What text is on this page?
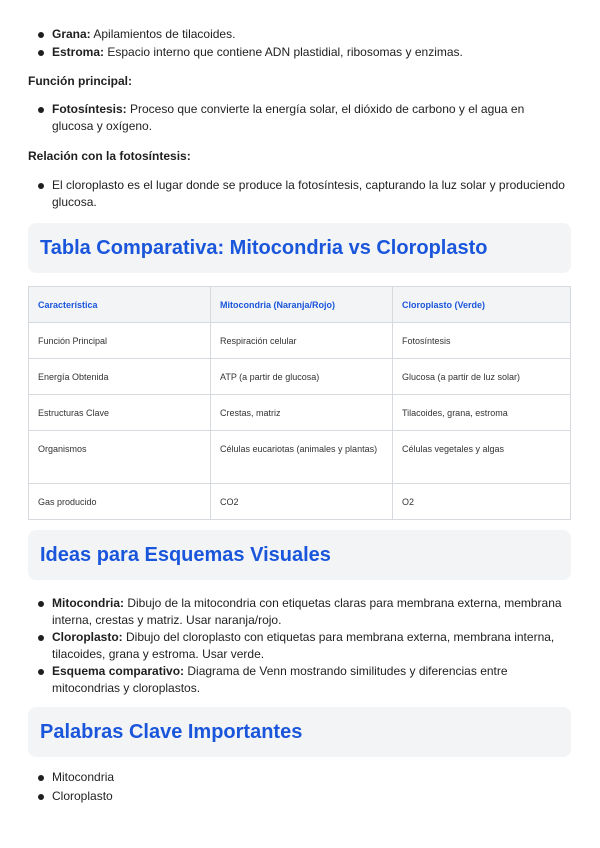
Grana: Apilamientos de tilacoides.
Estroma: Espacio interno que contiene ADN plastidial, ribosomas y enzimas.
Función principal:
Fotosíntesis: Proceso que convierte la energía solar, el dióxido de carbono y el agua en glucosa y oxígeno.
Relación con la fotosíntesis:
El cloroplasto es el lugar donde se produce la fotosíntesis, capturando la luz solar y produciendo glucosa.
Tabla Comparativa: Mitocondria vs Cloroplasto
Característica	Mitocondria (Naranja/Rojo)	Cloroplasto (Verde)
Función Principal	Respiración celular	Fotosíntesis
Energía Obtenida	ATP (a partir de glucosa)	Glucosa (a partir de luz solar)
Estructuras Clave	Crestas, matriz	Tilacoides, grana, estroma
Organismos	Células eucariotas (animales y plantas)	Células vegetales y algas
Gas producido	CO2	O2
Ideas para Esquemas Visuales
Mitocondria: Dibujo de la mitocondria con etiquetas claras para membrana externa, membrana interna, crestas y matriz. Usar naranja/rojo.
Cloroplasto: Dibujo del cloroplasto con etiquetas para membrana externa, membrana interna, tilacoides, grana y estroma. Usar verde.
Esquema comparativo: Diagrama de Venn mostrando similitudes y diferencias entre mitocondrias y cloroplastos.
Palabras Clave Importantes
Mitocondria
Cloroplasto
